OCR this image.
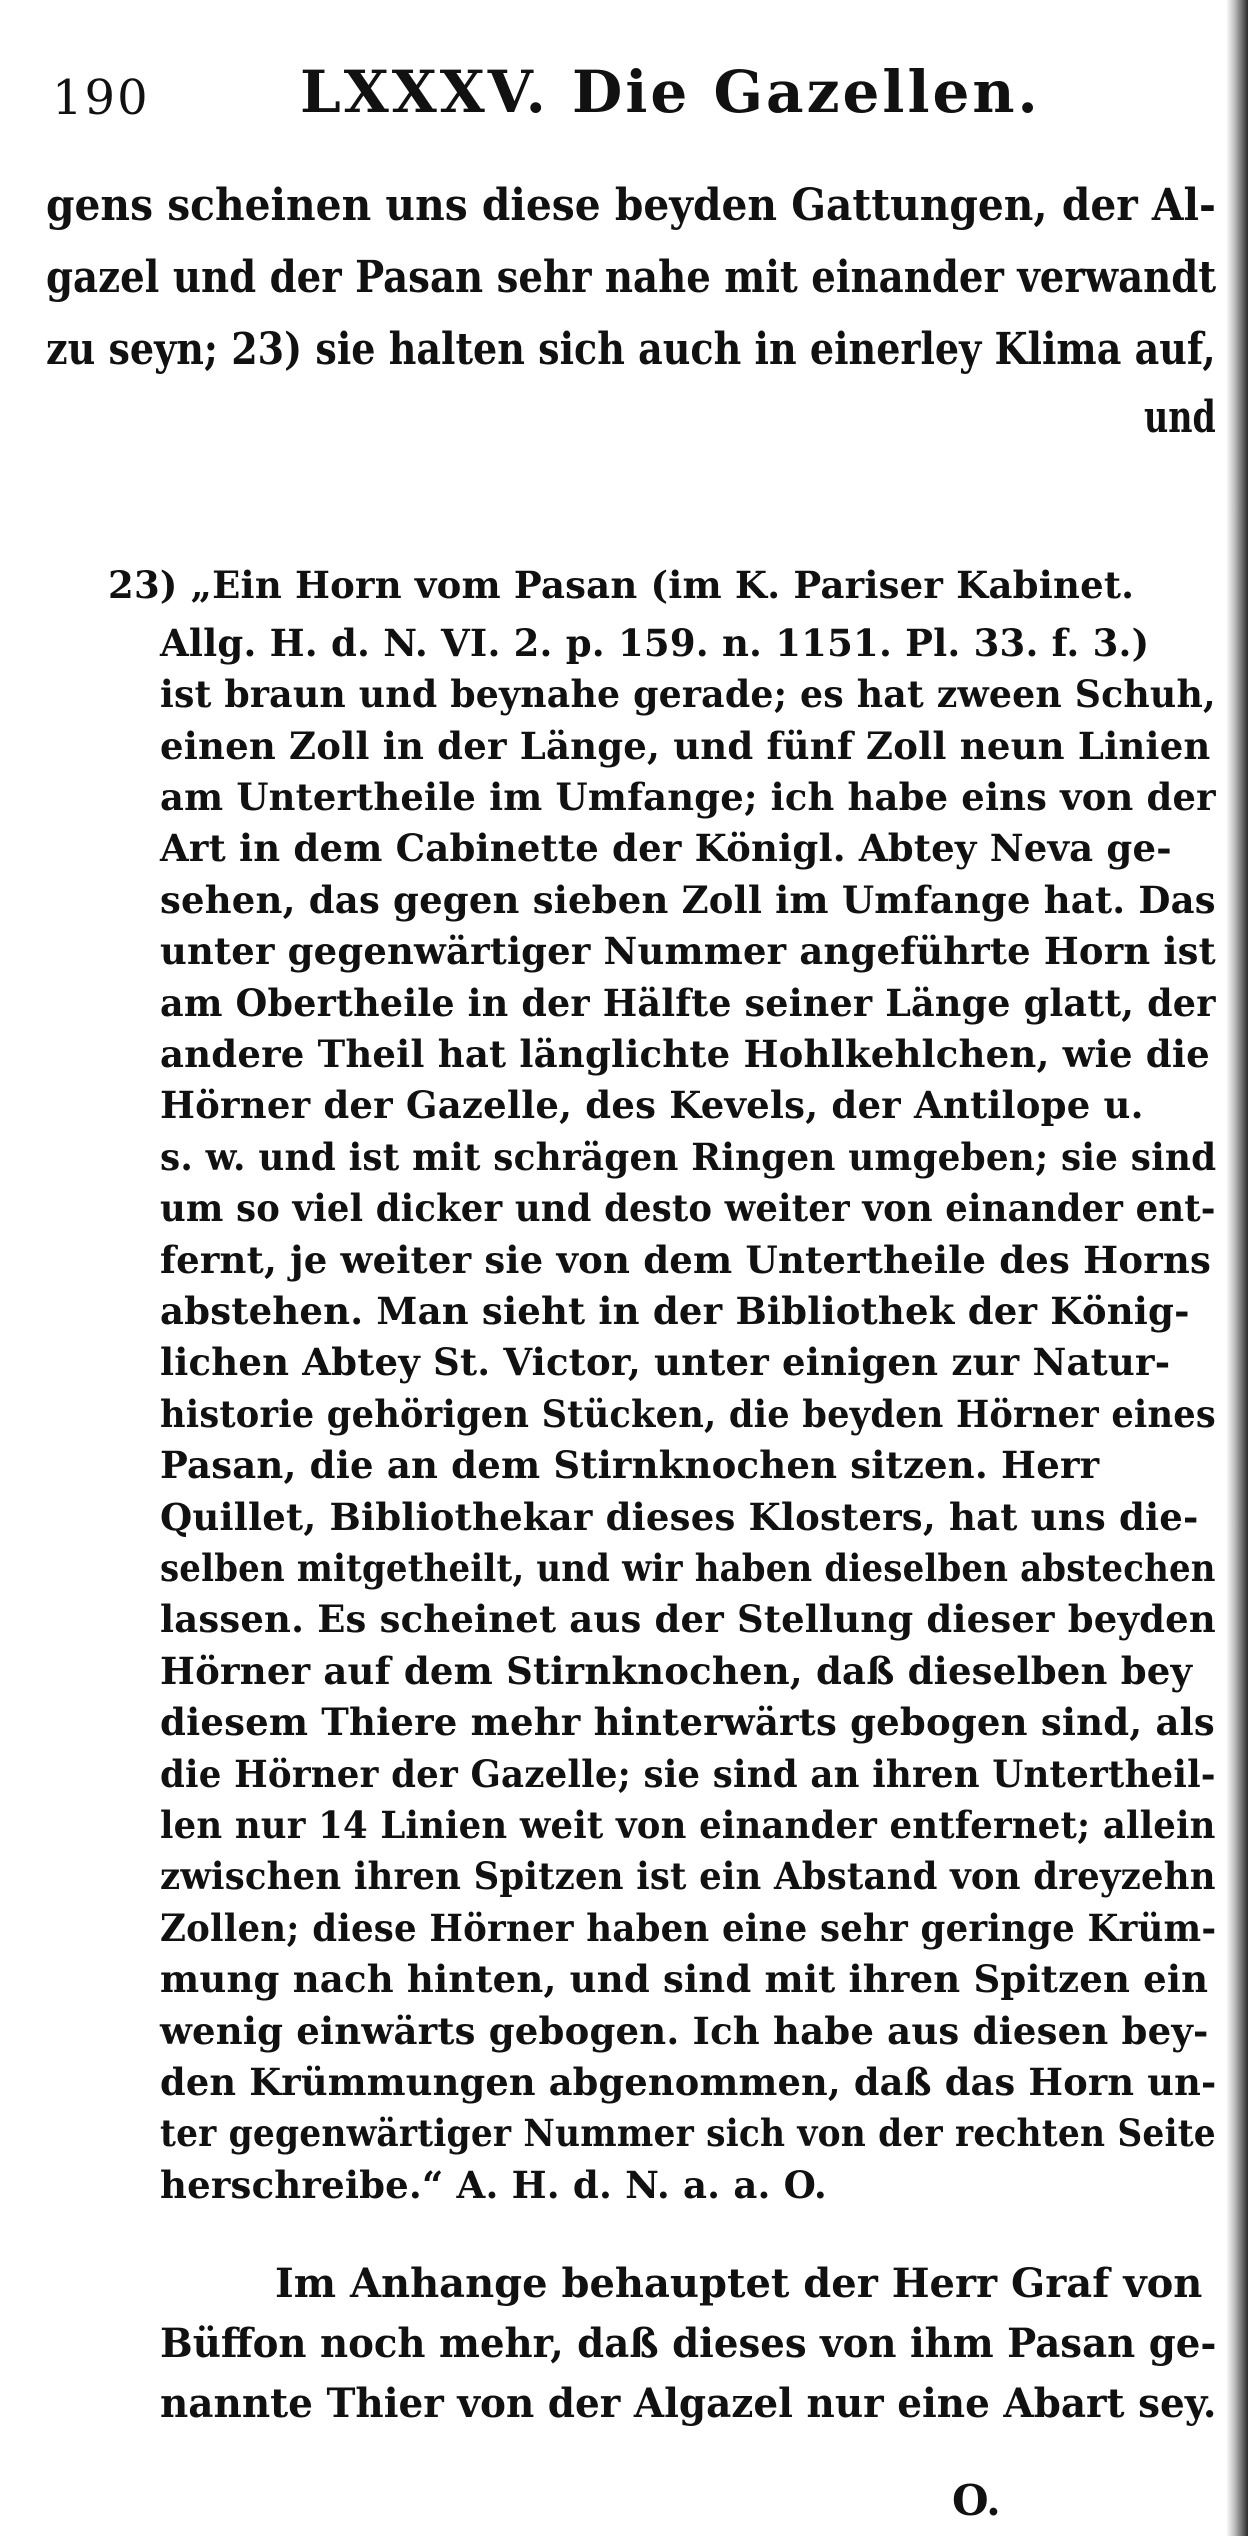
190	LXXXV. Die Gazellen.
gens scheinen uns diese beyden Gattungen, der Al-
gazel und der Pasan sehr nahe mit einander verwandt
zu seyn; 23) sie halten sich auch in einerley Klima auf,
und
23) „Ein Horn vom Pasan (im K. Pariser Kabinet.
Allg. H. d. N. VI. 2. p. 159. n. 1151. Pl. 33. f. 3.)
ist braun und beynahe gerade; es hat zween Schuh,
einen Zoll in der Länge, und fünf Zoll neun Linien
am Untertheile im Umfange; ich habe eins von der
Art in dem Cabinette der Königl. Abtey Neva ge-
sehen, das gegen sieben Zoll im Umfange hat. Das
unter gegenwärtiger Nummer angeführte Horn ist
am Obertheile in der Hälfte seiner Länge glatt, der
andere Theil hat länglichte Hohlkehlchen, wie die
Hörner der Gazelle, des Kevels, der Antilope u.
s. w. und ist mit schrägen Ringen umgeben; sie sind
um so viel dicker und desto weiter von einander ent-
fernt, je weiter sie von dem Untertheile des Horns
abstehen. Man sieht in der Bibliothek der König-
lichen Abtey St. Victor, unter einigen zur Natur-
historie gehörigen Stücken, die beyden Hörner eines
Pasan, die an dem Stirnknochen sitzen. Herr
Quillet, Bibliothekar dieses Klosters, hat uns die-
selben mitgetheilt, und wir haben dieselben abstechen
lassen. Es scheinet aus der Stellung dieser beyden
Hörner auf dem Stirnknochen, daß dieselben bey
diesem Thiere mehr hinterwärts gebogen sind, als
die Hörner der Gazelle; sie sind an ihren Untertheil-
len nur 14 Linien weit von einander entfernet; allein
zwischen ihren Spitzen ist ein Abstand von dreyzehn
Zollen; diese Hörner haben eine sehr geringe Krüm-
mung nach hinten, und sind mit ihren Spitzen ein
wenig einwärts gebogen. Ich habe aus diesen bey-
den Krümmungen abgenommen, daß das Horn un-
ter gegenwärtiger Nummer sich von der rechten Seite
herschreibe.“ A. H. d. N. a. a. O.
Im Anhange behauptet der Herr Graf von
Büffon noch mehr, daß dieses von ihm Pasan ge-
nannte Thier von der Algazel nur eine Abart sey.
O.
